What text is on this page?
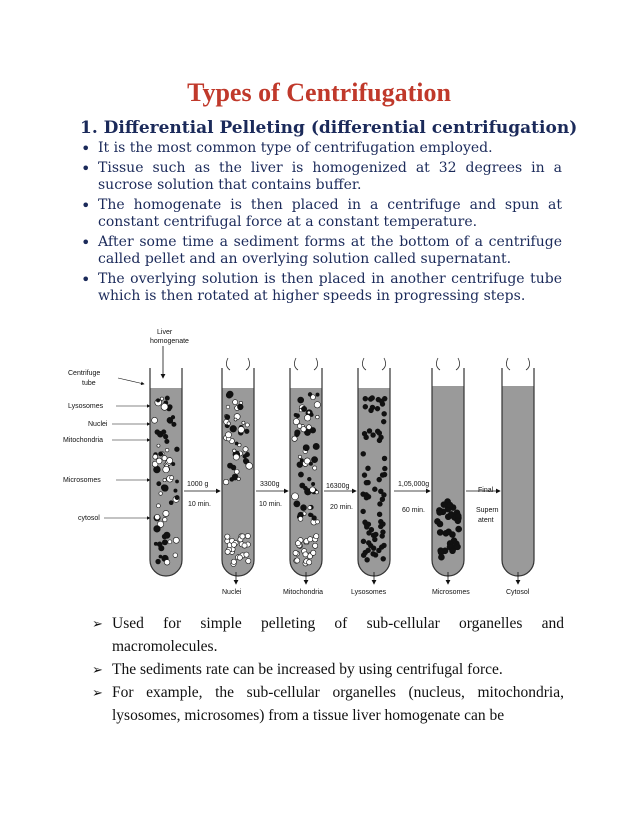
Types of Centrifugation
1. Differential Pelleting (differential centrifugation)
• It is the most common type of centrifugation employed.
• Tissue such as the liver is homogenized at 32 degrees in a sucrose solution that contains buffer.
• The homogenate is then placed in a centrifuge and spun at constant centrifugal force at a constant temperature.
• After some time a sediment forms at the bottom of a centrifuge called pellet and an overlying solution called supernatant.
• The overlying solution is then placed in another centrifuge tube which is then rotated at higher speeds in progressing steps.
Liver
homogenate
Centrifuge
tube
Lysosomes
Nuclei
Mitochondria
Microsomes
cytosol
1000 g
10 min.
3300g
10 min.
16300g
20 min.
1,05,000g
60 min.
Final
Supern
atent
Nuclei	Mitochondria	Lysosomes	Microsomes	Cytosol
➢ Used for simple pelleting of sub-cellular organelles and macromolecules.
➢ The sediments rate can be increased by using centrifugal force.
➢ For example, the sub-cellular organelles (nucleus, mitochondria, lysosomes, microsomes) from a tissue liver homogenate can be
